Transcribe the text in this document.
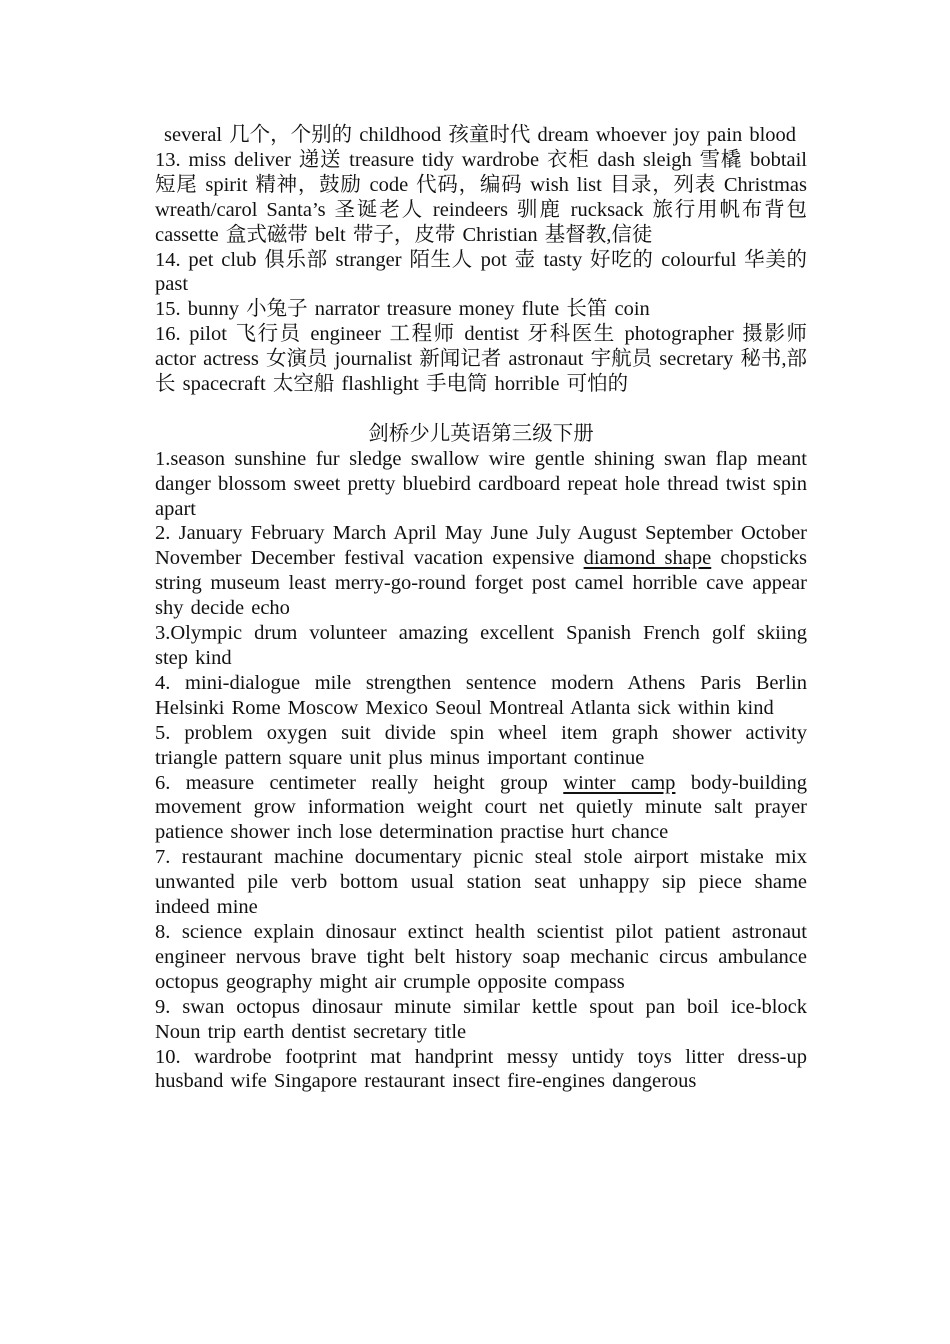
several 几个，个别的 childhood 孩童时代 dream whoever joy pain blood
13. miss deliver 递送 treasure tidy wardrobe 衣柜 dash sleigh 雪橇 bobtail 短尾 spirit 精神，鼓励 code 代码，编码 wish list 目录，列表 Christmas wreath/carol Santa’s 圣诞老人 reindeers 驯鹿 rucksack 旅行用帆布背包 cassette 盒式磁带 belt 带子，皮带 Christian 基督教,信徒
14. pet club 俱乐部 stranger 陌生人 pot 壶 tasty 好吃的 colourful 华美的 past
15. bunny 小兔子 narrator treasure money flute 长笛 coin
16. pilot 飞行员 engineer 工程师 dentist 牙科医生 photographer 摄影师 actor actress 女演员 journalist 新闻记者 astronaut 宇航员 secretary 秘书,部长 spacecraft 太空船 flashlight 手电筒 horrible 可怕的
剑桥少儿英语第三级下册
1.season sunshine fur sledge swallow wire gentle shining swan flap meant danger blossom sweet pretty bluebird cardboard repeat hole thread twist spin apart
2. January February March April May June July August September October November December festival vacation expensive diamond shape chopsticks string museum least merry-go-round forget post camel horrible cave appear shy decide echo
3.Olympic drum volunteer amazing excellent Spanish French golf skiing step kind
4. mini-dialogue mile strengthen sentence modern Athens Paris Berlin Helsinki Rome Moscow Mexico Seoul Montreal Atlanta sick within kind
5. problem oxygen suit divide spin wheel item graph shower activity triangle pattern square unit plus minus important continue
6. measure centimeter really height group winter camp body-building movement grow information weight court net quietly minute salt prayer patience shower inch lose determination practise hurt chance
7. restaurant machine documentary picnic steal stole airport mistake mix unwanted pile verb bottom usual station seat unhappy sip piece shame indeed mine
8. science explain dinosaur extinct health scientist pilot patient astronaut engineer nervous brave tight belt history soap mechanic circus ambulance octopus geography might air crumple opposite compass
9. swan octopus dinosaur minute similar kettle spout pan boil ice-block Noun trip earth dentist secretary title
10. wardrobe footprint mat handprint messy untidy toys litter dress-up husband wife Singapore restaurant insect fire-engines dangerous
